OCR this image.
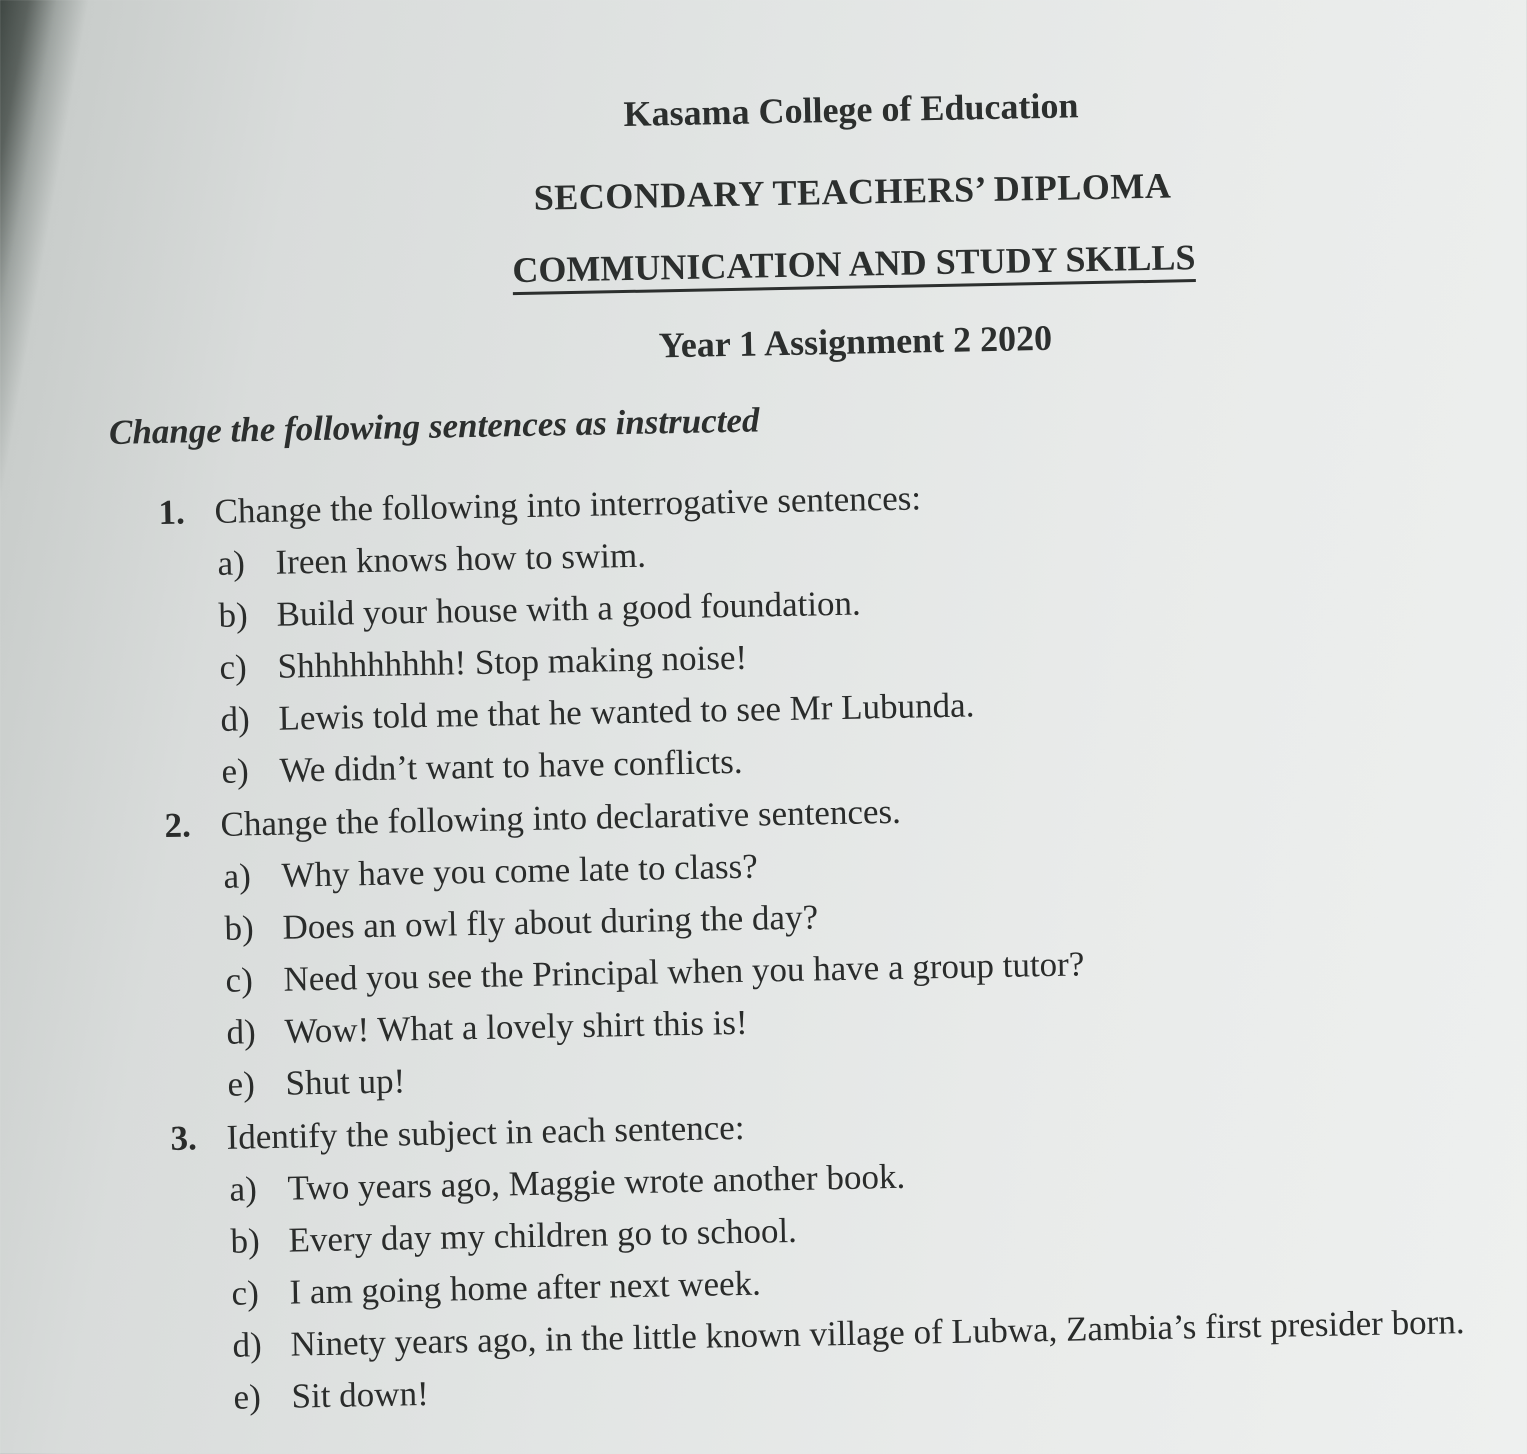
Kasama College of Education

SECONDARY TEACHERS’ DIPLOMA

COMMUNICATION AND STUDY SKILLS

Year 1 Assignment 2 2020

Change the following sentences as instructed

1. Change the following into interrogative sentences:
a) Ireen knows how to swim.
b) Build your house with a good foundation.
c) Shhhhhhhhh! Stop making noise!
d) Lewis told me that he wanted to see Mr Lubunda.
e) We didn’t want to have conflicts.
2. Change the following into declarative sentences.
a) Why have you come late to class?
b) Does an owl fly about during the day?
c) Need you see the Principal when you have a group tutor?
d) Wow! What a lovely shirt this is!
e) Shut up!
3. Identify the subject in each sentence:
a) Two years ago, Maggie wrote another book.
b) Every day my children go to school.
c) I am going home after next week.
d) Ninety years ago, in the little known village of Lubwa, Zambia’s first presider born.
e) Sit down!
